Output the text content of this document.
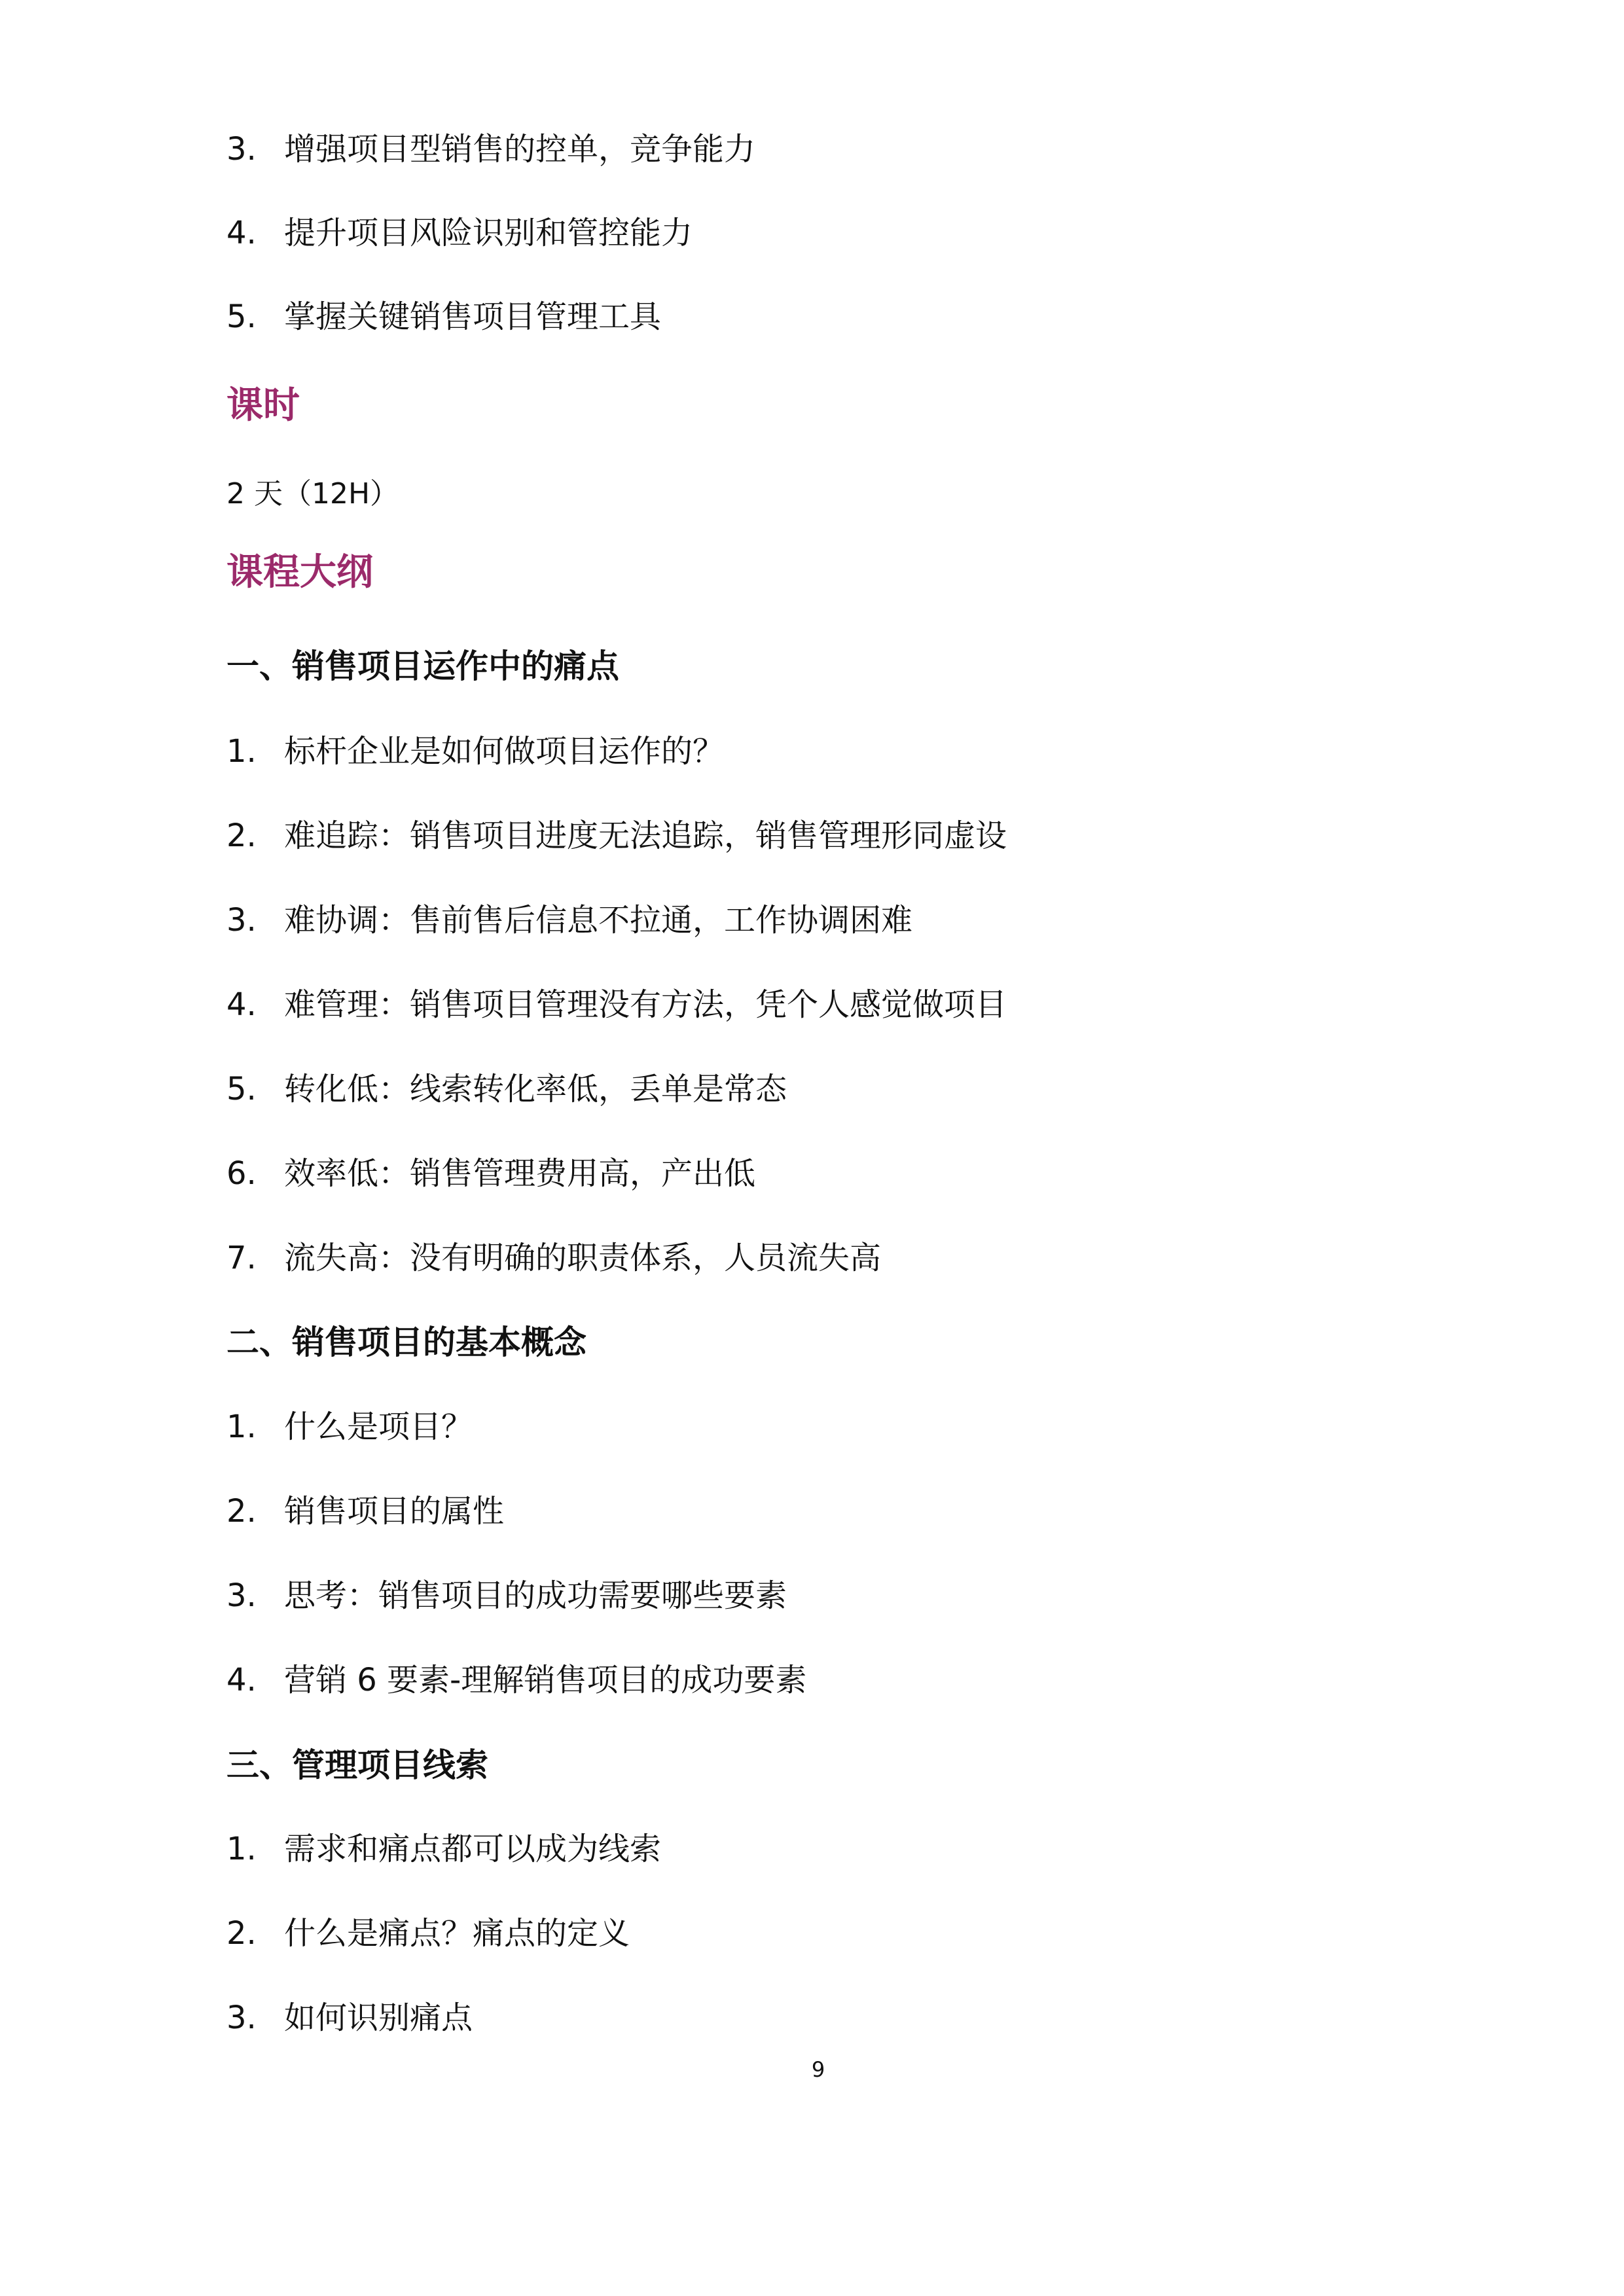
3. 增强项目型销售的控单，竞争能力
4. 提升项目风险识别和管控能力
5. 掌握关键销售项目管理工具
课时
2 天（12H）
课程大纲
一、销售项目运作中的痛点
1. 标杆企业是如何做项目运作的？
2. 难追踪：销售项目进度无法追踪，销售管理形同虚设
3. 难协调：售前售后信息不拉通，工作协调困难
4. 难管理：销售项目管理没有方法，凭个人感觉做项目
5. 转化低：线索转化率低，丢单是常态
6. 效率低：销售管理费用高，产出低
7. 流失高：没有明确的职责体系，人员流失高
二、销售项目的基本概念
1. 什么是项目？
2. 销售项目的属性
3. 思考：销售项目的成功需要哪些要素
4. 营销 6 要素-理解销售项目的成功要素
三、管理项目线索
1. 需求和痛点都可以成为线索
2. 什么是痛点？痛点的定义
3. 如何识别痛点
9
